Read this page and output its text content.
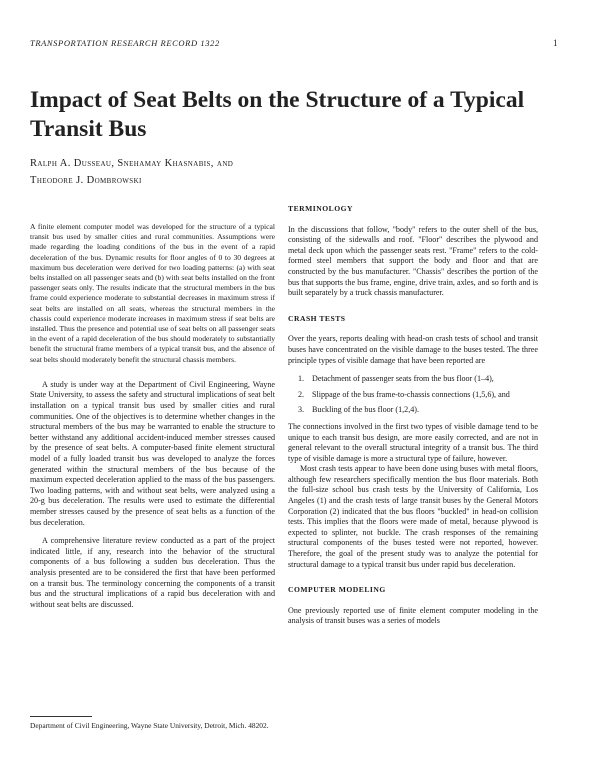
TRANSPORTATION RESEARCH RECORD 1322	1
Impact of Seat Belts on the Structure of a Typical Transit Bus
Ralph A. Dusseau, Snehamay Khasnabis, and
Theodore J. Dombrowski

A finite element computer model was developed for the structure of a typical transit bus used by smaller cities and rural communities. Assumptions were made regarding the loading conditions of the bus in the event of a rapid deceleration of the bus. Dynamic results for floor angles of 0 to 30 degrees at maximum bus deceleration were derived for two loading patterns: (a) with seat belts installed on all passenger seats and (b) with seat belts installed on the front passenger seats only. The results indicate that the structural members in the bus frame could experience moderate to substantial decreases in maximum stress if seat belts are installed on all seats, whereas the structural members in the chassis could experience moderate increases in maximum stress if seat belts are installed. Thus the presence and potential use of seat belts on all passenger seats in the event of a rapid deceleration of the bus should moderately to substantially benefit the structural frame members of a typical transit bus, and the absence of seat belts should moderately benefit the structural chassis members.

A study is under way at the Department of Civil Engineering, Wayne State University, to assess the safety and structural implications of seat belt installation on a typical transit bus used by smaller cities and rural communities. One of the objectives is to determine whether changes in the structural members of the bus may be warranted to enable the structure to better withstand any additional accident-induced member stresses caused by the presence of seat belts. A computer-based finite element structural model of a fully loaded transit bus was developed to analyze the forces generated within the structural members of the bus because of the maximum expected deceleration applied to the mass of the bus passengers. Two loading patterns, with and without seat belts, were analyzed using a 20-g bus deceleration. The results were used to estimate the differential member stresses caused by the presence of seat belts as a function of the bus deceleration.

A comprehensive literature review conducted as a part of the project indicated little, if any, research into the behavior of the structural components of a bus following a sudden bus deceleration. Thus the analysis presented are to be considered the first that have been performed on a transit bus. The terminology concerning the components of a transit bus and the structural implications of a rapid bus deceleration with and without seat belts are discussed.

Department of Civil Engineering, Wayne State University, Detroit, Mich. 48202.
TERMINOLOGY

In the discussions that follow, "body" refers to the outer shell of the bus, consisting of the sidewalls and roof. "Floor" describes the plywood and metal deck upon which the passenger seats rest. "Frame" refers to the cold-formed steel members that support the body and floor and that are constructed by the bus manufacturer. "Chassis" describes the portion of the bus that supports the bus frame, engine, drive train, axles, and so forth and is built separately by a truck chassis manufacturer.

CRASH TESTS

Over the years, reports dealing with head-on crash tests of school and transit buses have concentrated on the visible damage to the buses tested. The three principle types of visible damage that have been reported are

1. Detachment of passenger seats from the bus floor (1–4),
2. Slippage of the bus frame-to-chassis connections (1,5,6), and
3. Buckling of the bus floor (1,2,4).

The connections involved in the first two types of visible damage tend to be unique to each transit bus design, are more easily corrected, and are not in general relevant to the overall structural integrity of a transit bus. The third type of visible damage is more a structural type of failure, however.

Most crash tests appear to have been done using buses with metal floors, although few researchers specifically mention the bus floor materials. Both the full-size school bus crash tests by the University of California, Los Angeles (1) and the crash tests of large transit buses by the General Motors Corporation (2) indicated that the bus floors "buckled" in head-on collision tests. This implies that the floors were made of metal, because plywood is expected to splinter, not buckle. The crash responses of the remaining structural components of the buses tested were not reported, however. Therefore, the goal of the present study was to analyze the potential for structural damage to a typical transit bus under rapid bus deceleration.

COMPUTER MODELING

One previously reported use of finite element computer modeling in the analysis of transit buses was a series of models
